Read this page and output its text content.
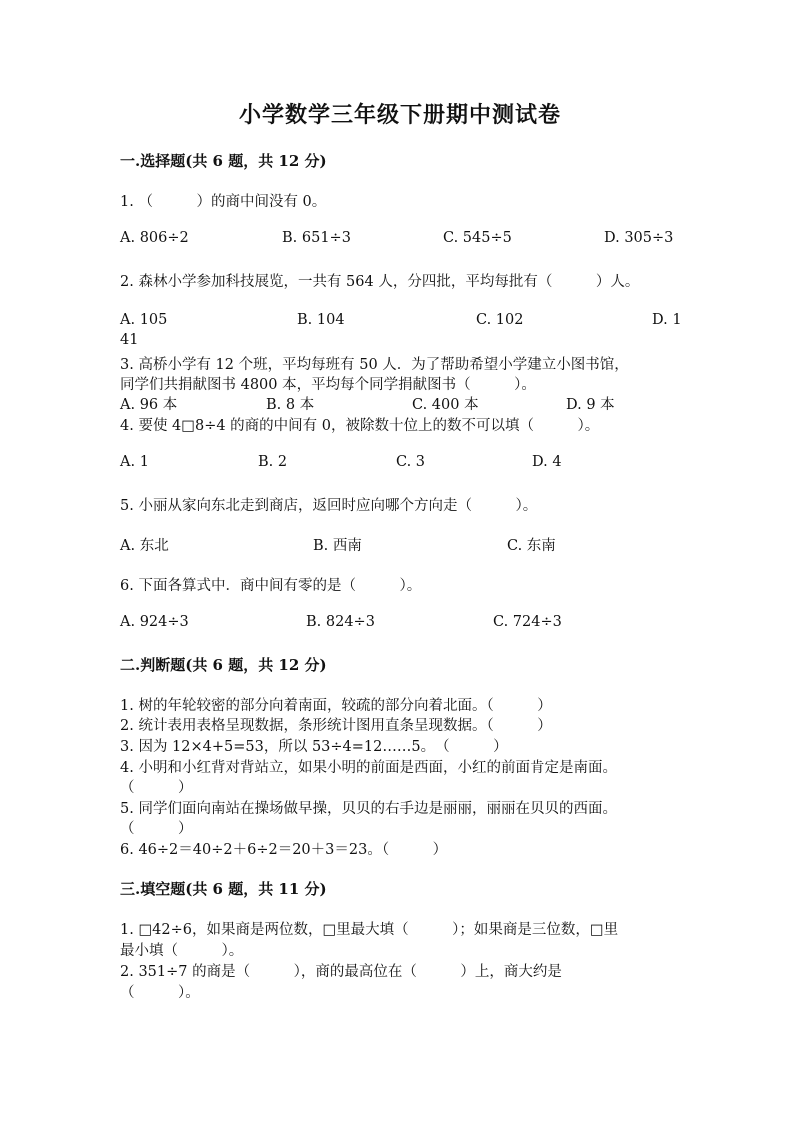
小学数学三年级下册期中测试卷
一.选择题(共 6 题，共 12 分)
1. （　　　）的商中间没有 0。
A. 806÷2	B. 651÷3	C. 545÷5	D. 305÷3
2. 森林小学参加科技展览，一共有 564 人，分四批，平均每批有（　　　）人。
A. 105	B. 104	C. 102	D. 1
41
3. 高桥小学有 12 个班，平均每班有 50 人．为了帮助希望小学建立小图书馆，
同学们共捐献图书 4800 本，平均每个同学捐献图书（　　　）。
A. 96 本	B. 8 本	C. 400 本	D. 9 本
4. 要使 4□8÷4 的商的中间有 0，被除数十位上的数不可以填（　　　）。
A. 1	B. 2	C. 3	D. 4
5. 小丽从家向东北走到商店，返回时应向哪个方向走（　　　）。
A. 东北	B. 西南	C. 东南
6. 下面各算式中．商中间有零的是（　　　）。
A. 924÷3	B. 824÷3	C. 724÷3
二.判断题(共 6 题，共 12 分)
1. 树的年轮较密的部分向着南面，较疏的部分向着北面。（　　　）
2. 统计表用表格呈现数据，条形统计图用直条呈现数据。（　　　）
3. 因为 12×4+5=53，所以 53÷4=12……5。　（　　　）
4. 小明和小红背对背站立，如果小明的前面是西面，小红的前面肯定是南面。
（　　　）
5. 同学们面向南站在操场做早操，贝贝的右手边是丽丽，丽丽在贝贝的西面。
（　　　）
6. 46÷2＝40÷2＋6÷2＝20＋3＝23。（　　　）
三.填空题(共 6 题，共 11 分)
1. □42÷6，如果商是两位数，□里最大填（　　　）；如果商是三位数，□里
最小填（　　　）。
2. 351÷7 的商是（　　　），商的最高位在（　　　）上，商大约是
（　　　）。
